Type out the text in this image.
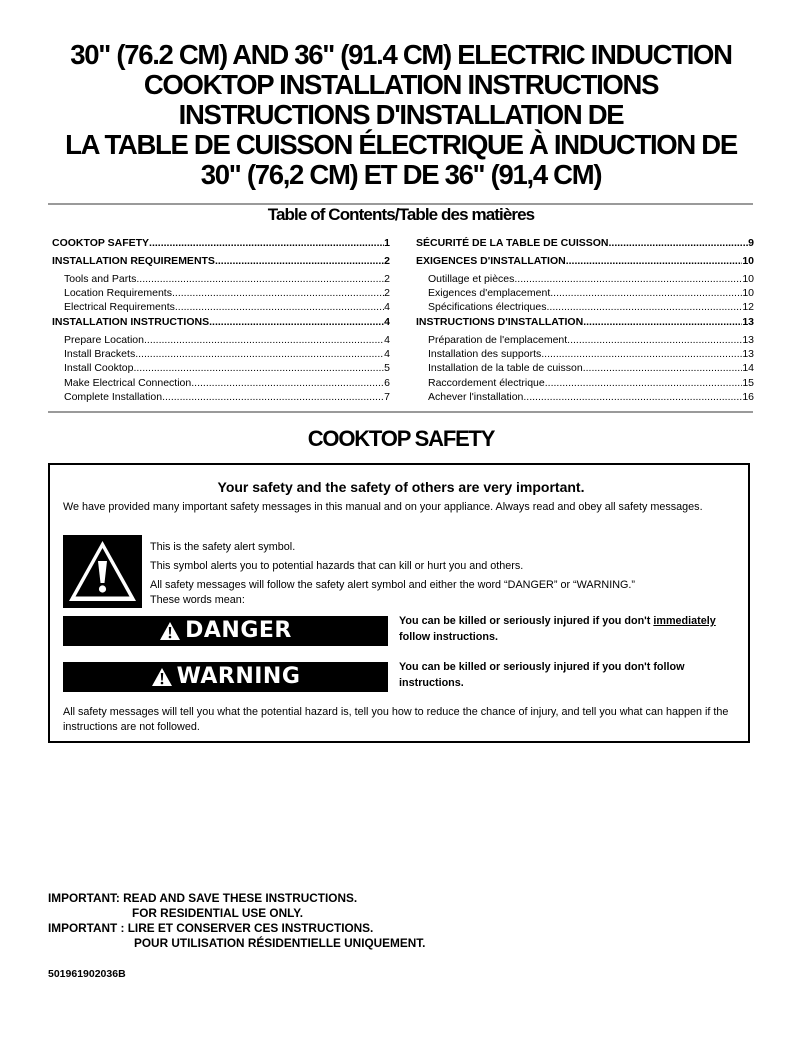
30" (76.2 CM) AND 36" (91.4 CM) ELECTRIC INDUCTION
COOKTOP INSTALLATION INSTRUCTIONS
INSTRUCTIONS D'INSTALLATION DE
LA TABLE DE CUISSON ÉLECTRIQUE À INDUCTION DE
30" (76,2 CM) ET DE 36" (91,4 CM)
Table of Contents/Table des matières
COOKTOP SAFETY .....	1
INSTALLATION REQUIREMENTS .....	2
Tools and Parts .....	2
Location Requirements .....	2
Electrical Requirements .....	4
INSTALLATION INSTRUCTIONS .....	4
Prepare Location .....	4
Install Brackets .....	4
Install Cooktop .....	5
Make Electrical Connection .....	6
Complete Installation .....	7
SÉCURITÉ DE LA TABLE DE CUISSON .....	9
EXIGENCES D'INSTALLATION .....	10
Outillage et pièces .....	10
Exigences d'emplacement .....	10
Spécifications électriques .....	12
INSTRUCTIONS D'INSTALLATION .....	13
Préparation de l'emplacement .....	13
Installation des supports .....	13
Installation de la table de cuisson .....	14
Raccordement électrique .....	15
Achever l'installation .....	16
COOKTOP SAFETY
Your safety and the safety of others are very important.
We have provided many important safety messages in this manual and on your appliance. Always read and obey all safety messages.
This is the safety alert symbol.
This symbol alerts you to potential hazards that can kill or hurt you and others.
All safety messages will follow the safety alert symbol and either the word “DANGER” or “WARNING.”
These words mean:
DANGER	You can be killed or seriously injured if you don't immediately
follow instructions.
WARNING	You can be killed or seriously injured if you don't follow instructions.
All safety messages will tell you what the potential hazard is, tell you how to reduce the chance of injury, and tell you what can happen if the instructions are not followed.
IMPORTANT: READ AND SAVE THESE INSTRUCTIONS.
FOR RESIDENTIAL USE ONLY.
IMPORTANT : LIRE ET CONSERVER CES INSTRUCTIONS.
POUR UTILISATION RÉSIDENTIELLE UNIQUEMENT.
501961902036B
